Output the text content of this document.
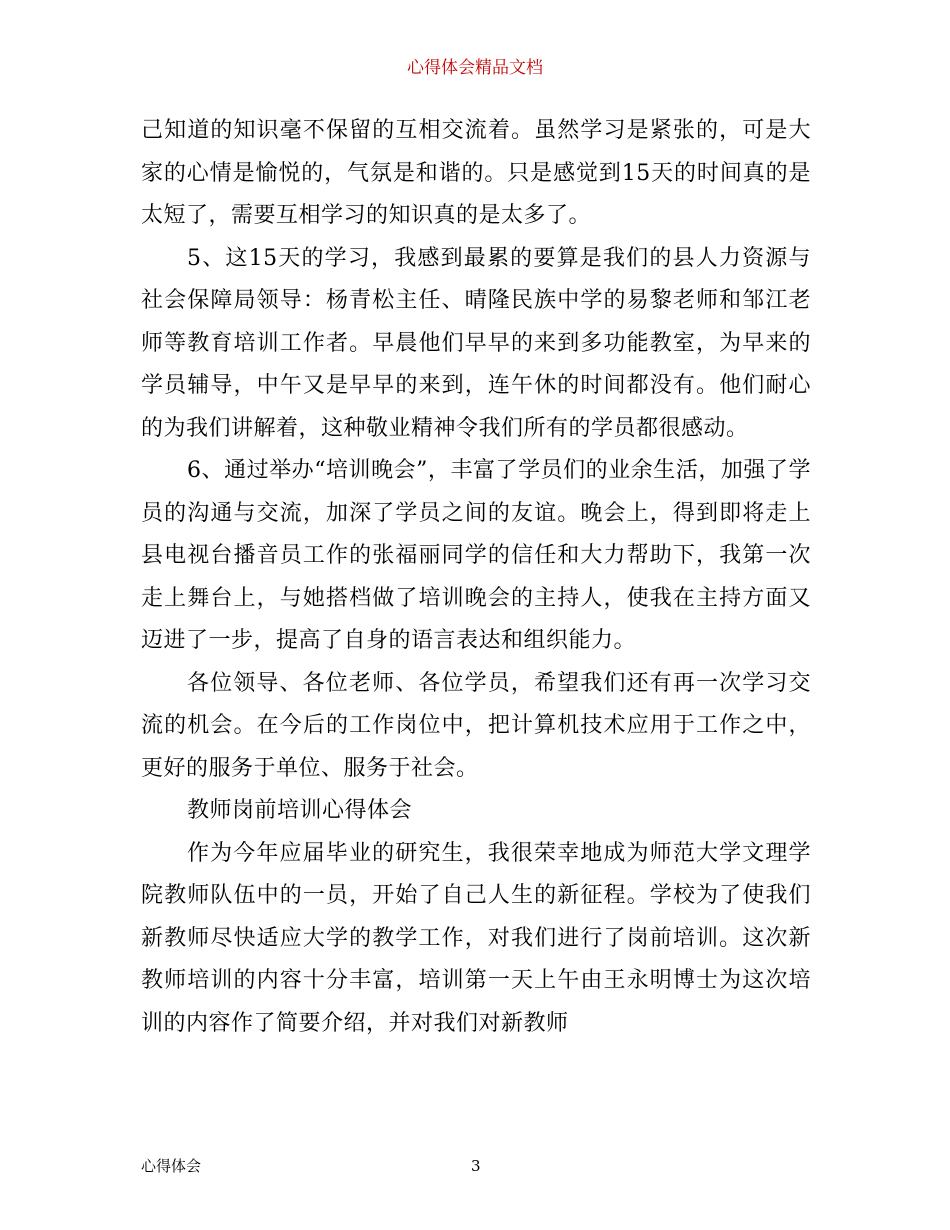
心得体会精品文档

己知道的知识毫不保留的互相交流着。虽然学习是紧张的，可是大家的心情是愉悦的，气氛是和谐的。只是感觉到15天的时间真的是太短了，需要互相学习的知识真的是太多了。

5、这15天的学习，我感到最累的要算是我们的县人力资源与社会保障局领导：杨青松主任、晴隆民族中学的易黎老师和邹江老师等教育培训工作者。早晨他们早早的来到多功能教室，为早来的学员辅导，中午又是早早的来到，连午休的时间都没有。他们耐心的为我们讲解着，这种敬业精神令我们所有的学员都很感动。

6、通过举办“培训晚会”，丰富了学员们的业余生活，加强了学员的沟通与交流，加深了学员之间的友谊。晚会上，得到即将走上县电视台播音员工作的张福丽同学的信任和大力帮助下，我第一次走上舞台上，与她搭档做了培训晚会的主持人，使我在主持方面又迈进了一步，提高了自身的语言表达和组织能力。

各位领导、各位老师、各位学员，希望我们还有再一次学习交流的机会。在今后的工作岗位中，把计算机技术应用于工作之中，更好的服务于单位、服务于社会。

教师岗前培训心得体会

作为今年应届毕业的研究生，我很荣幸地成为师范大学文理学院教师队伍中的一员，开始了自己人生的新征程。学校为了使我们新教师尽快适应大学的教学工作，对我们进行了岗前培训。这次新教师培训的内容十分丰富，培训第一天上午由王永明博士为这次培训的内容作了简要介绍，并对我们对新教师

心得体会	3
